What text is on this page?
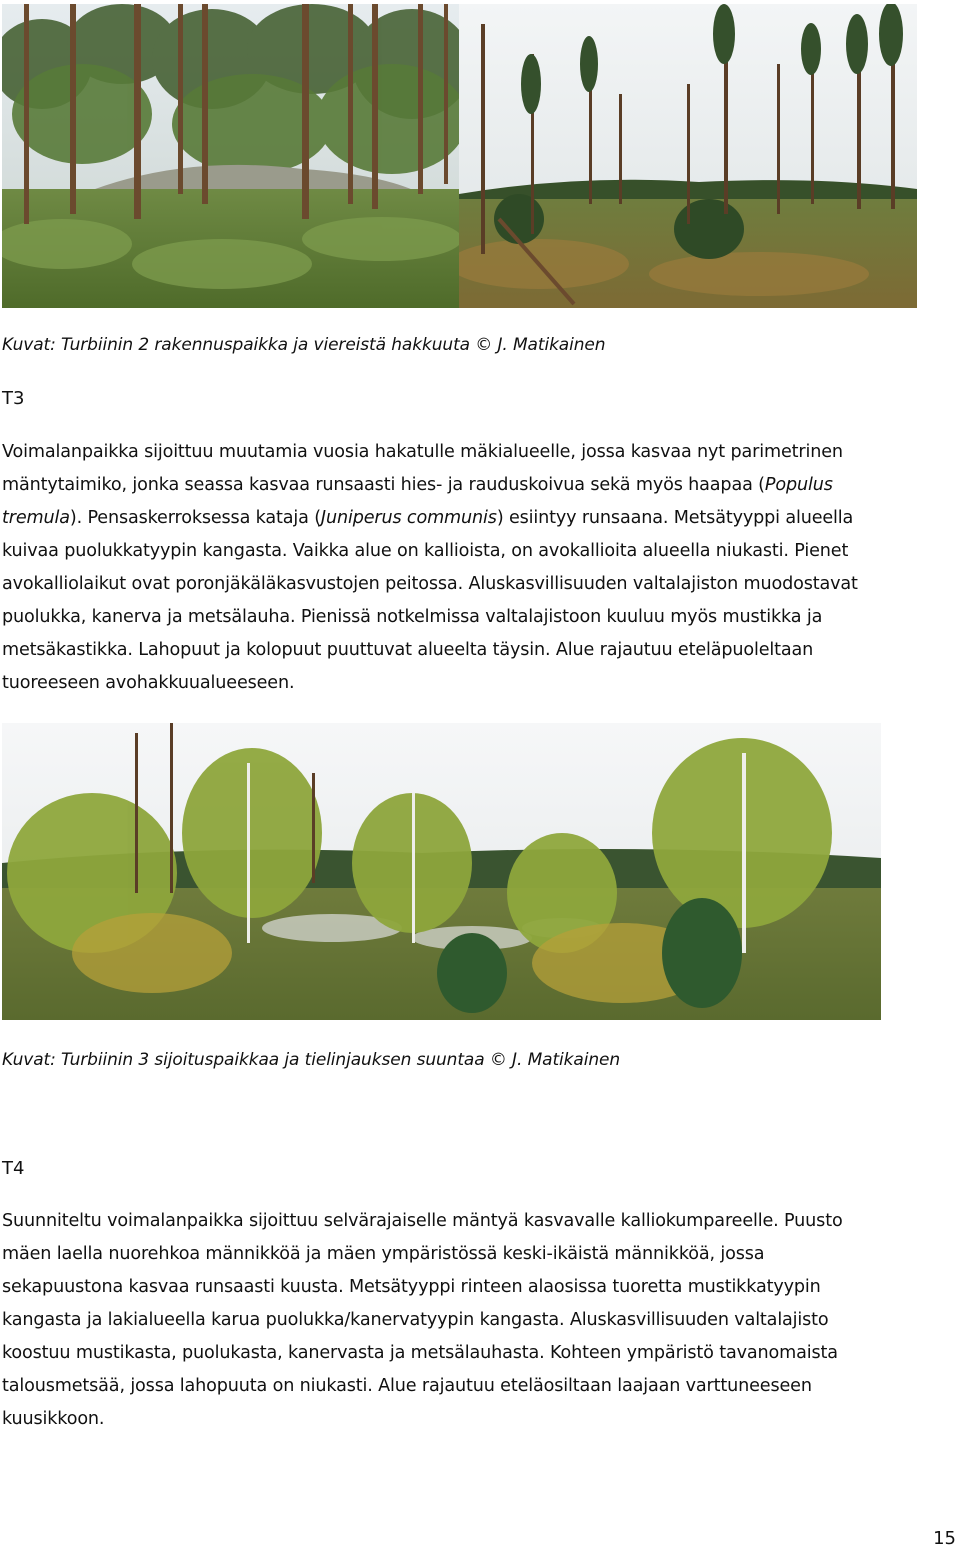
Kuvat: Turbiinin 2 rakennuspaikka ja viereistä hakkuuta © J. Matikainen
T3
Voimalanpaikka sijoittuu muutamia vuosia hakatulle mäkialueelle, jossa kasvaa nyt parimetrinen
mäntytaimiko, jonka seassa kasvaa runsaasti hies- ja rauduskoivua sekä myös haapaa (Populus
tremula). Pensaskerroksessa kataja (Juniperus communis) esiintyy runsaana. Metsätyyppi alueella
kuivaa puolukkatyypin kangasta. Vaikka alue on kallioista, on avokallioita alueella niukasti. Pienet
avokalliolaikut ovat poronjäkäläkasvustojen peitossa. Aluskasvillisuuden valtalajiston muodostavat
puolukka, kanerva ja metsälauha. Pienissä notkelmissa valtalajistoon kuuluu myös mustikka ja
metsäkastikka. Lahopuut ja kolopuut puuttuvat alueelta täysin. Alue rajautuu eteläpuoleltaan
tuoreeseen avohakkuualueeseen.
Kuvat: Turbiinin 3 sijoituspaikkaa ja tielinjauksen suuntaa © J. Matikainen
T4
Suunniteltu voimalanpaikka sijoittuu selvärajaiselle mäntyä kasvavalle kalliokumpareelle. Puusto
mäen laella nuorehkoa männikköä ja mäen ympäristössä keski-ikäistä männikköä, jossa
sekapuustona kasvaa runsaasti kuusta. Metsätyyppi rinteen alaosissa tuoretta mustikkatyypin
kangasta ja lakialueella karua puolukka/kanervatyypin kangasta. Aluskasvillisuuden valtalajisto
koostuu mustikasta, puolukasta, kanervasta ja metsälauhasta. Kohteen ympäristö tavanomaista
talousmetsää, jossa lahopuuta on niukasti. Alue rajautuu eteläosiltaan laajaan varttuneeseen
kuusikkoon.
15
